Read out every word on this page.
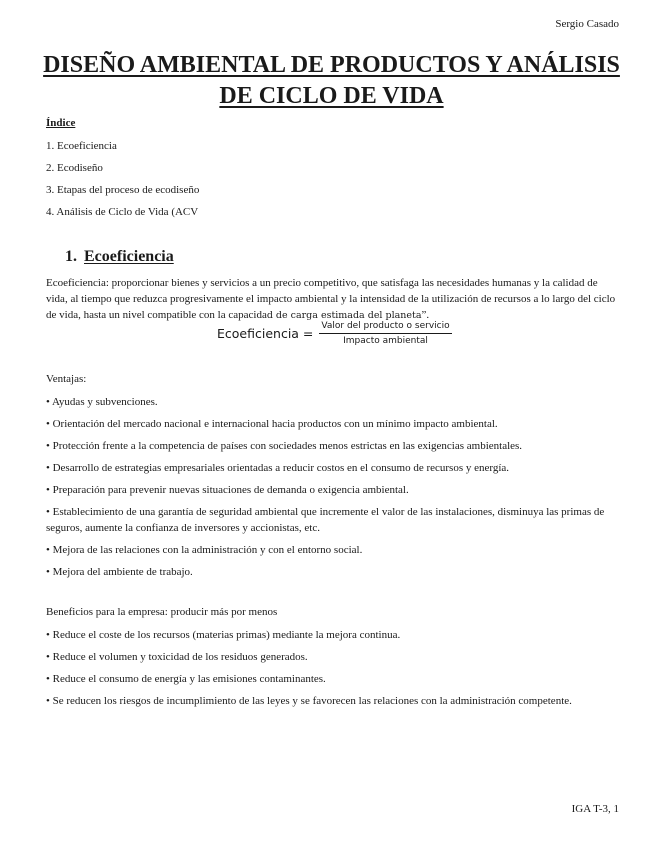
Sergio Casado
DISEÑO AMBIENTAL DE PRODUCTOS Y ANÁLISIS DE CICLO DE VIDA

Índice

1. Ecoeficiencia
2. Ecodiseño
3. Etapas del proceso de ecodiseño
4. Análisis de Ciclo de Vida (ACV
1. Ecoeficiencia

Ecoeficiencia: proporcionar bienes y servicios a un precio competitivo, que satisfaga las necesidades humanas y la calidad de vida, al tiempo que reduzca progresivamente el impacto ambiental y la intensidad de la utilización de recursos a lo largo del ciclo de vida, hasta un nivel compatible con la capacidad de carga estimada del planeta”.

Ecoeficiencia = $\frac{\text{Valor del producto o servicio}}{\text{Impacto ambiental}}$

Ventajas:

• Ayudas y subvenciones.
• Orientación del mercado nacional e internacional hacia productos con un mínimo impacto ambiental.
• Protección frente a la competencia de países con sociedades menos estrictas en las exigencias ambientales.
• Desarrollo de estrategias empresariales orientadas a reducir costos en el consumo de recursos y energía.
• Preparación para prevenir nuevas situaciones de demanda o exigencia ambiental.
• Establecimiento de una garantía de seguridad ambiental que incremente el valor de las instalaciones, disminuya las primas de seguros, aumente la confianza de inversores y accionistas, etc.
• Mejora de las relaciones con la administración y con el entorno social.
• Mejora del ambiente de trabajo.

Beneficios para la empresa: producir más por menos

• Reduce el coste de los recursos (materias primas) mediante la mejora continua.
• Reduce el volumen y toxicidad de los residuos generados.
• Reduce el consumo de energía y las emisiones contaminantes.
• Se reducen los riesgos de incumplimiento de las leyes y se favorecen las relaciones con la administración competente.
IGA T-3, 1
